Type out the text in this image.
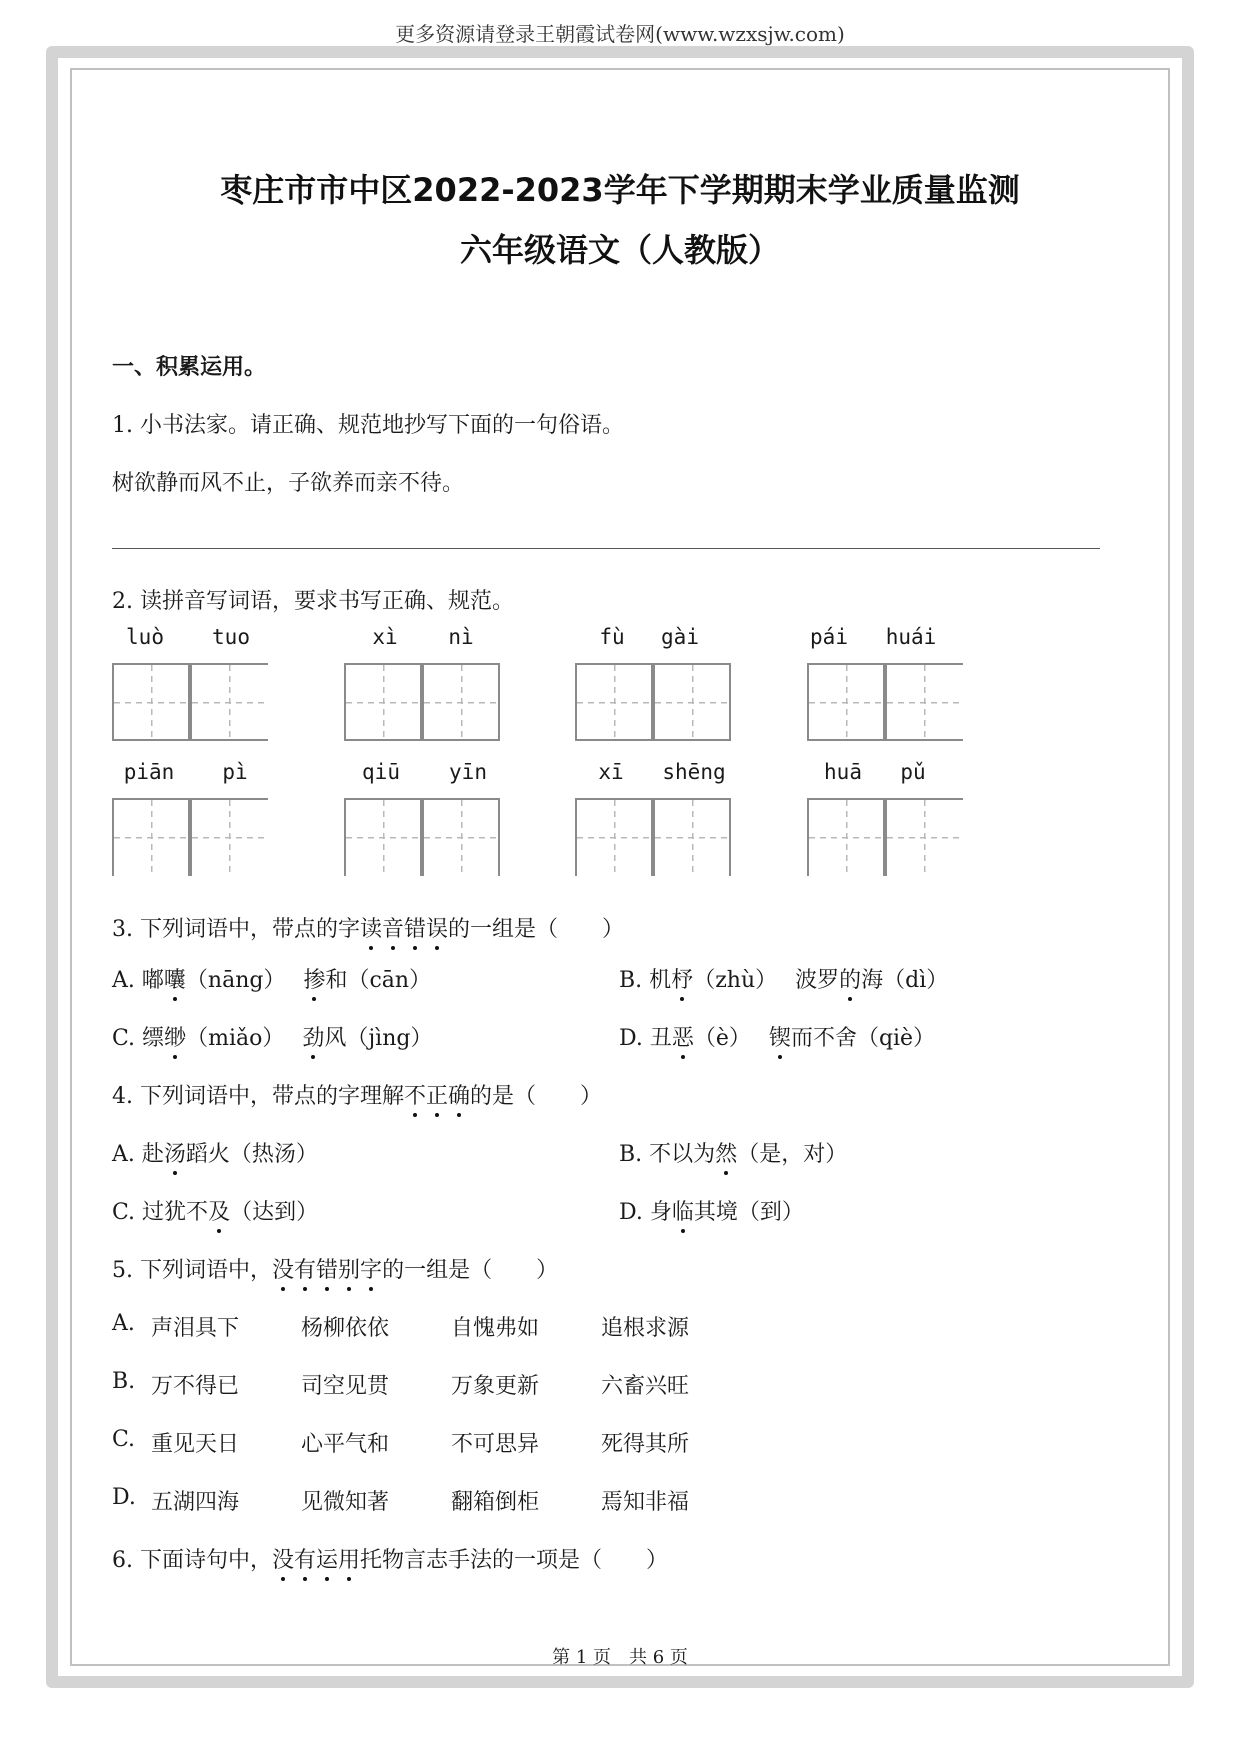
更多资源请登录王朝霞试卷网(www.wzxsjw.com)
枣庄市市中区2022-2023学年下学期期末学业质量监测
六年级语文（人教版）
一、积累运用。
1. 小书法家。请正确、规范地抄写下面的一句俗语。
树欲静而风不止，子欲养而亲不待。
2. 读拼音写词语，要求书写正确、规范。
luò	tuo	xì	nì	fù	gài	pái	huái
piān	pì	qiū	yīn	xī	shēng	huā	pǔ
3. 下列词语中，带点的字读音错误的一组是（　　）
A. 嘟囔（nāng）　 掺和（cān）	B. 机杼（zhù）　 波罗的海（dì）
C. 缥缈（miǎo）　 劲风（jìng）	D. 丑恶（è）　 锲而不舍（qiè）
4. 下列词语中，带点的字理解不正确的是（　　）
A. 赴汤蹈火（热汤）	B. 不以为然（是，对）
C. 过犹不及（达到）	D. 身临其境（到）
5. 下列词语中，没有错别字的一组是（　　）
A. 声泪具下	杨柳依依	自愧弗如	追根求源
B. 万不得已	司空见贯	万象更新	六畜兴旺
C. 重见天日	心平气和	不可思异	死得其所
D. 五湖四海	见微知著	翻箱倒柜	焉知非福
6. 下面诗句中，没有运用托物言志手法的一项是（　　）
第 1 页　共 6 页
